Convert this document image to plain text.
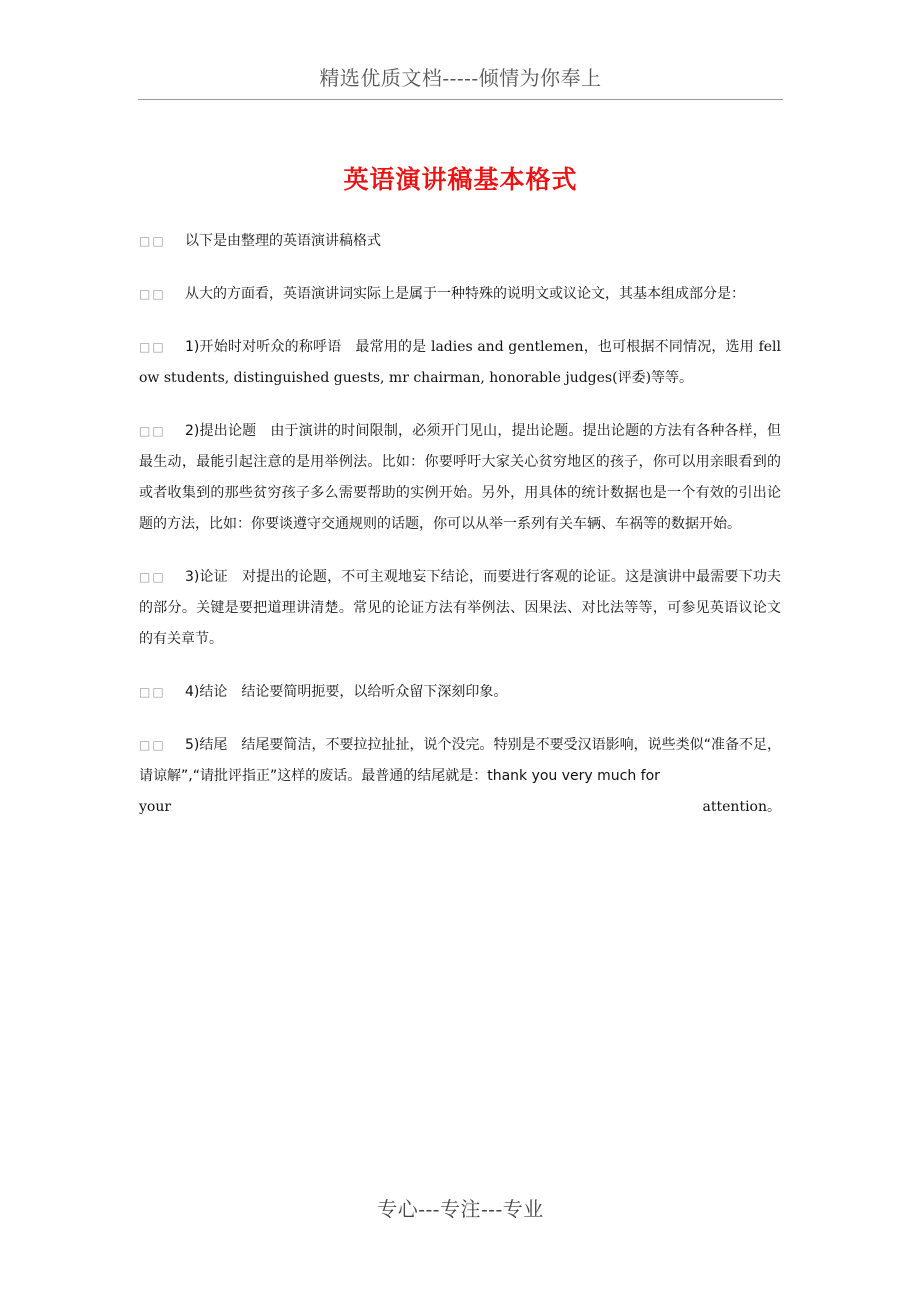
精选优质文档-----倾情为你奉上
英语演讲稿基本格式

□□ 以下是由整理的英语演讲稿格式

□□ 从大的方面看，英语演讲词实际上是属于一种特殊的说明文或议论文，其基本组成部分是：

□□ 1)开始时对听众的称呼语 最常用的是 ladies and gentlemen，也可根据不同情况，选用 fellow students, distinguished guests, mr chairman, honorable judges(评委)等等。

□□ 2)提出论题 由于演讲的时间限制，必须开门见山，提出论题。提出论题的方法有各种各样，但最生动，最能引起注意的是用举例法。比如：你要呼吁大家关心贫穷地区的孩子，你可以用亲眼看到的或者收集到的那些贫穷孩子多么需要帮助的实例开始。另外，用具体的统计数据也是一个有效的引出论题的方法，比如：你要谈遵守交通规则的话题，你可以从举一系列有关车辆、车祸等的数据开始。

□□ 3)论证 对提出的论题，不可主观地妄下结论，而要进行客观的论证。这是演讲中最需要下功夫的部分。关键是要把道理讲清楚。常见的论证方法有举例法、因果法、对比法等等，可参见英语议论文的有关章节。

□□ 4)结论 结论要简明扼要，以给听众留下深刻印象。

□□ 5)结尾 结尾要简洁，不要拉拉扯扯，说个没完。特别是不要受汉语影响，说些类似“准备不足，请谅解”,“请批评指正”这样的废话。最普通的结尾就是：thank you very much for

your	attention。
专心---专注---专业
